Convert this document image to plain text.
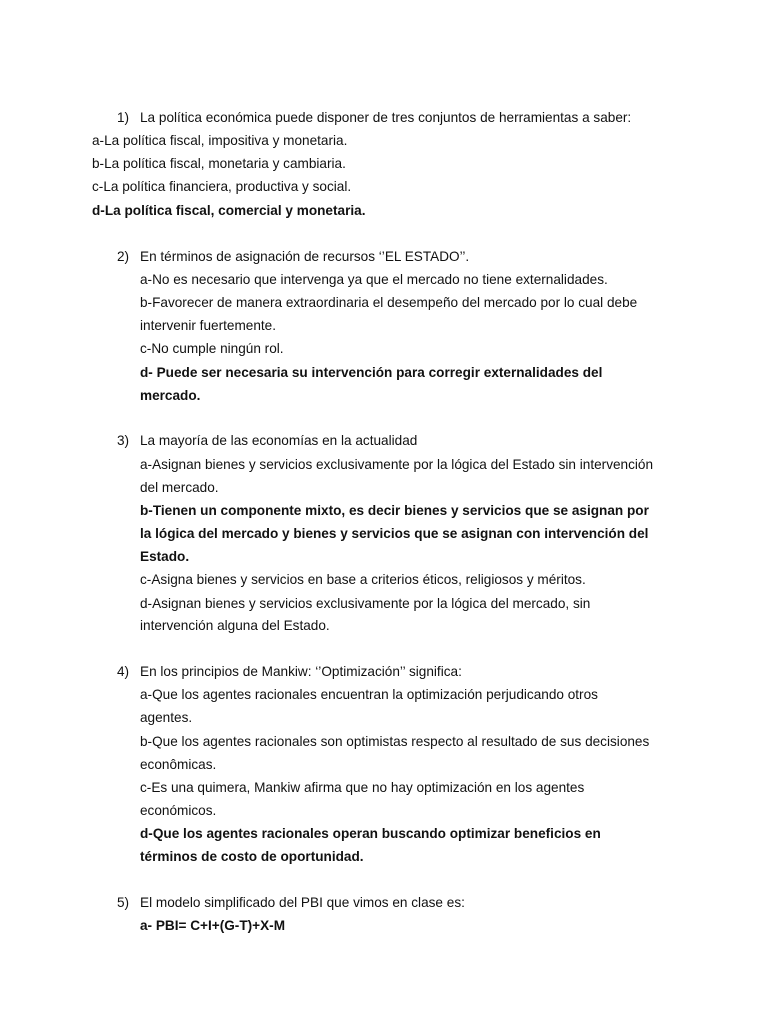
1) La política económica puede disponer de tres conjuntos de herramientas a saber:
a-La política fiscal, impositiva y monetaria.
b-La política fiscal, monetaria y cambiaria.
c-La política financiera, productiva y social.
d-La política fiscal, comercial y monetaria.
2) En términos de asignación de recursos ‘’EL ESTADO’’.
a-No es necesario que intervenga ya que el mercado no tiene externalidades.
b-Favorecer de manera extraordinaria el desempeño del mercado por lo cual debe
intervenir fuertemente.
c-No cumple ningún rol.
d- Puede ser necesaria su intervención para corregir externalidades del
mercado.
3) La mayoría de las economías en la actualidad
a-Asignan bienes y servicios exclusivamente por la lógica del Estado sin intervención
del mercado.
b-Tienen un componente mixto, es decir bienes y servicios que se asignan por
la lógica del mercado y bienes y servicios que se asignan con intervención del
Estado.
c-Asigna bienes y servicios en base a criterios éticos, religiosos y méritos.
d-Asignan bienes y servicios exclusivamente por la lógica del mercado, sin
intervención alguna del Estado.
4) En los principios de Mankiw: ‘’Optimización’’ significa:
a-Que los agentes racionales encuentran la optimización perjudicando otros
agentes.
b-Que los agentes racionales son optimistas respecto al resultado de sus decisiones
econômicas.
c-Es una quimera, Mankiw afirma que no hay optimización en los agentes
económicos.
d-Que los agentes racionales operan buscando optimizar beneficios en
términos de costo de oportunidad.
5) El modelo simplificado del PBI que vimos en clase es:
a- PBI= C+I+(G-T)+X-M
